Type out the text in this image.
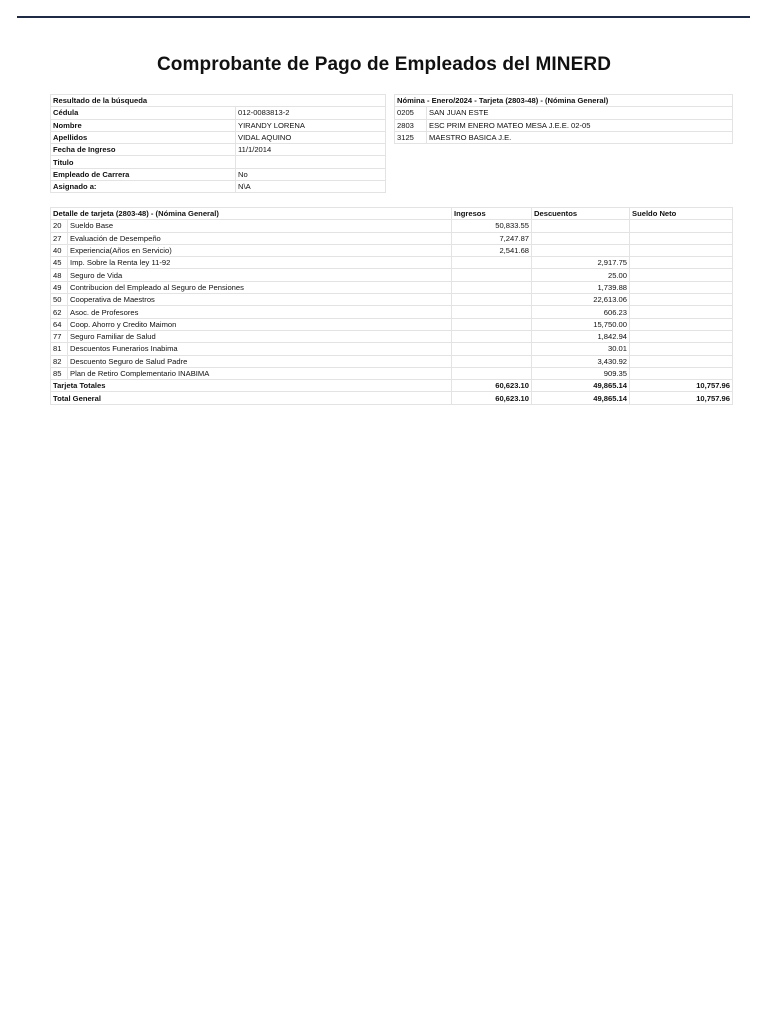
Comprobante de Pago de Empleados del MINERD
Resultado de la búsqueda	
Cédula	012-0083813-2
Nombre	YIRANDY LORENA
Apellidos	VIDAL AQUINO
Fecha de Ingreso	11/1/2014
Titulo	
Empleado de Carrera	No
Asignado a:	N\A
Nómina - Enero/2024 - Tarjeta (2803-48) - (Nómina General)	
0205	SAN JUAN ESTE
2803	ESC PRIM ENERO MATEO MESA J.E.E. 02-05
3125	MAESTRO BASICA J.E.
Detalle de tarjeta (2803-48) - (Nómina General)		Ingresos	Descuentos	Sueldo Neto
20	Sueldo Base	50,833.55		
27	Evaluación de Desempeño	7,247.87		
40	Experiencia(Años en Servicio)	2,541.68		
45	Imp. Sobre la Renta ley 11-92		2,917.75	
48	Seguro de Vida		25.00	
49	Contribucion del Empleado al Seguro de Pensiones		1,739.88	
50	Cooperativa de Maestros		22,613.06	
62	Asoc. de Profesores		606.23	
64	Coop. Ahorro y Credito Maimon		15,750.00	
77	Seguro Familiar de Salud		1,842.94	
81	Descuentos Funerarios Inabima		30.01	
82	Descuento Seguro de Salud Padre		3,430.92	
85	Plan de Retiro Complementario INABIMA		909.35	
Tarjeta Totales		60,623.10	49,865.14	10,757.96
Total General		60,623.10	49,865.14	10,757.96
